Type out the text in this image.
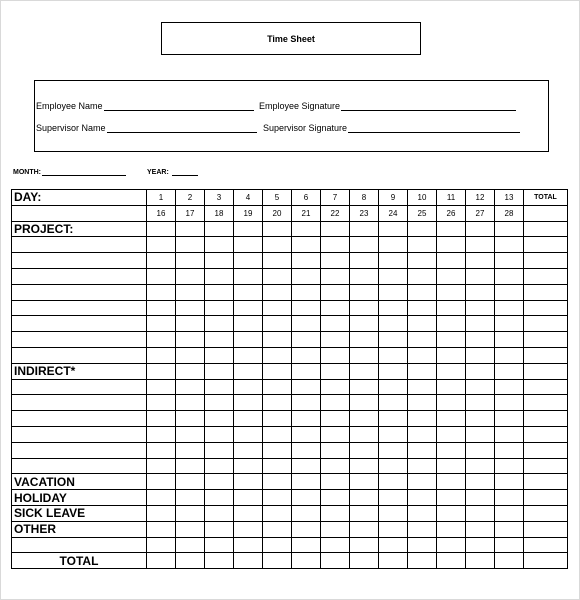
Time Sheet
Employee Name	Employee Signature
Supervisor Name	Supervisor Signature
MONTH:	YEAR:
DAY:	1	2	3	4	5	6	7	8	9	10	11	12	13	TOTAL
	16	17	18	19	20	21	22	23	24	25	26	27	28	
PROJECT:														

INDIRECT*														

VACATION														
HOLIDAY														
SICK LEAVE														
OTHER														

TOTAL														
